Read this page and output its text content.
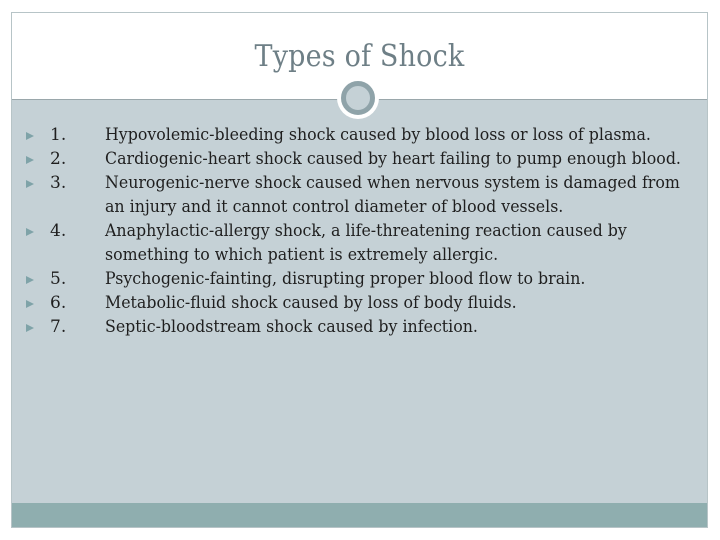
Types of Shock
1.	Hypovolemic-bleeding shock caused by blood loss or loss of plasma.
2.	Cardiogenic-heart shock caused by heart failing to pump enough blood.
3.	Neurogenic-nerve shock caused when nervous system is damaged from an injury and it cannot control diameter of blood vessels.
4.	Anaphylactic-allergy shock, a life-threatening reaction caused by something to which patient is extremely allergic.
5.	Psychogenic-fainting, disrupting proper blood flow to brain.
6.	Metabolic-fluid shock caused by loss of body fluids.
7.	Septic-bloodstream shock caused by infection.
